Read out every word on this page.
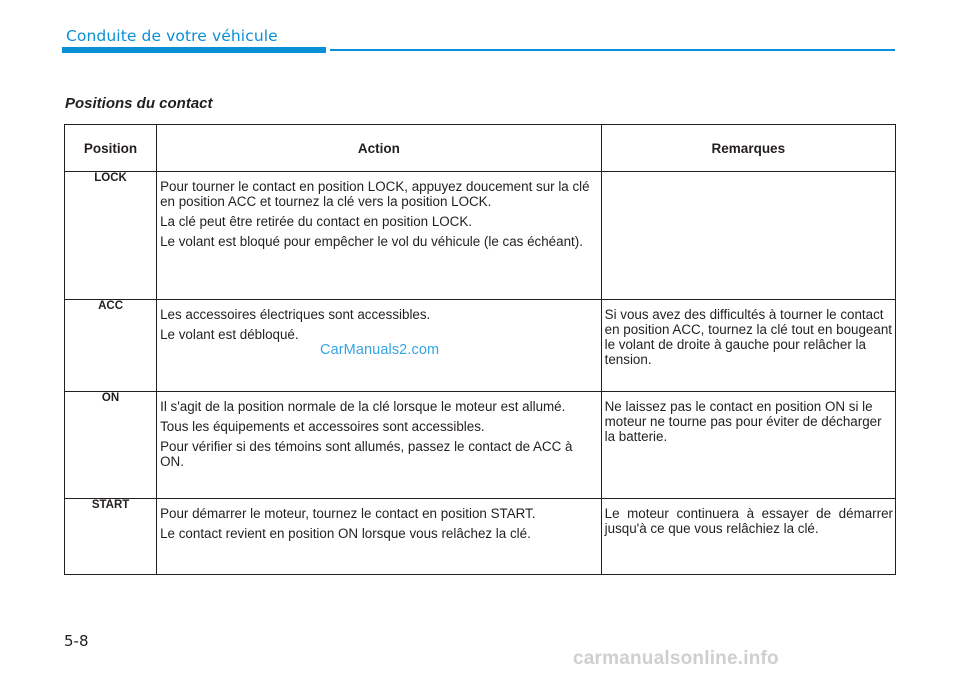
Conduite de votre véhicule
Positions du contact
Position	Action	Remarques
LOCK	Pour tourner le contact en position LOCK, appuyez doucement sur la clé en position ACC et tournez la clé vers la position LOCK.

La clé peut être retirée du contact en position LOCK.

Le volant est bloqué pour empêcher le vol du véhicule (le cas échéant).	

ACC	Les accessoires électriques sont accessibles.

Le volant est débloqué.	Si vous avez des difficultés à tourner le contact en position ACC, tournez la clé tout en bougeant le volant de droite à gauche pour relâcher la tension.

ON	Il s'agit de la position normale de la clé lorsque le moteur est allumé.

Tous les équipements et accessoires sont accessibles.

Pour vérifier si des témoins sont allumés, passez le contact de ACC à ON.	Ne laissez pas le contact en position ON si le moteur ne tourne pas pour éviter de décharger la batterie.

START	Pour démarrer le moteur, tournez le contact en position START.

Le contact revient en position ON lorsque vous relâchez la clé.	Le moteur continuera à essayer de démarrer jusqu'à ce que vous relâchiez la clé.

CarManuals2.com
5-8
carmanualsonline.info
